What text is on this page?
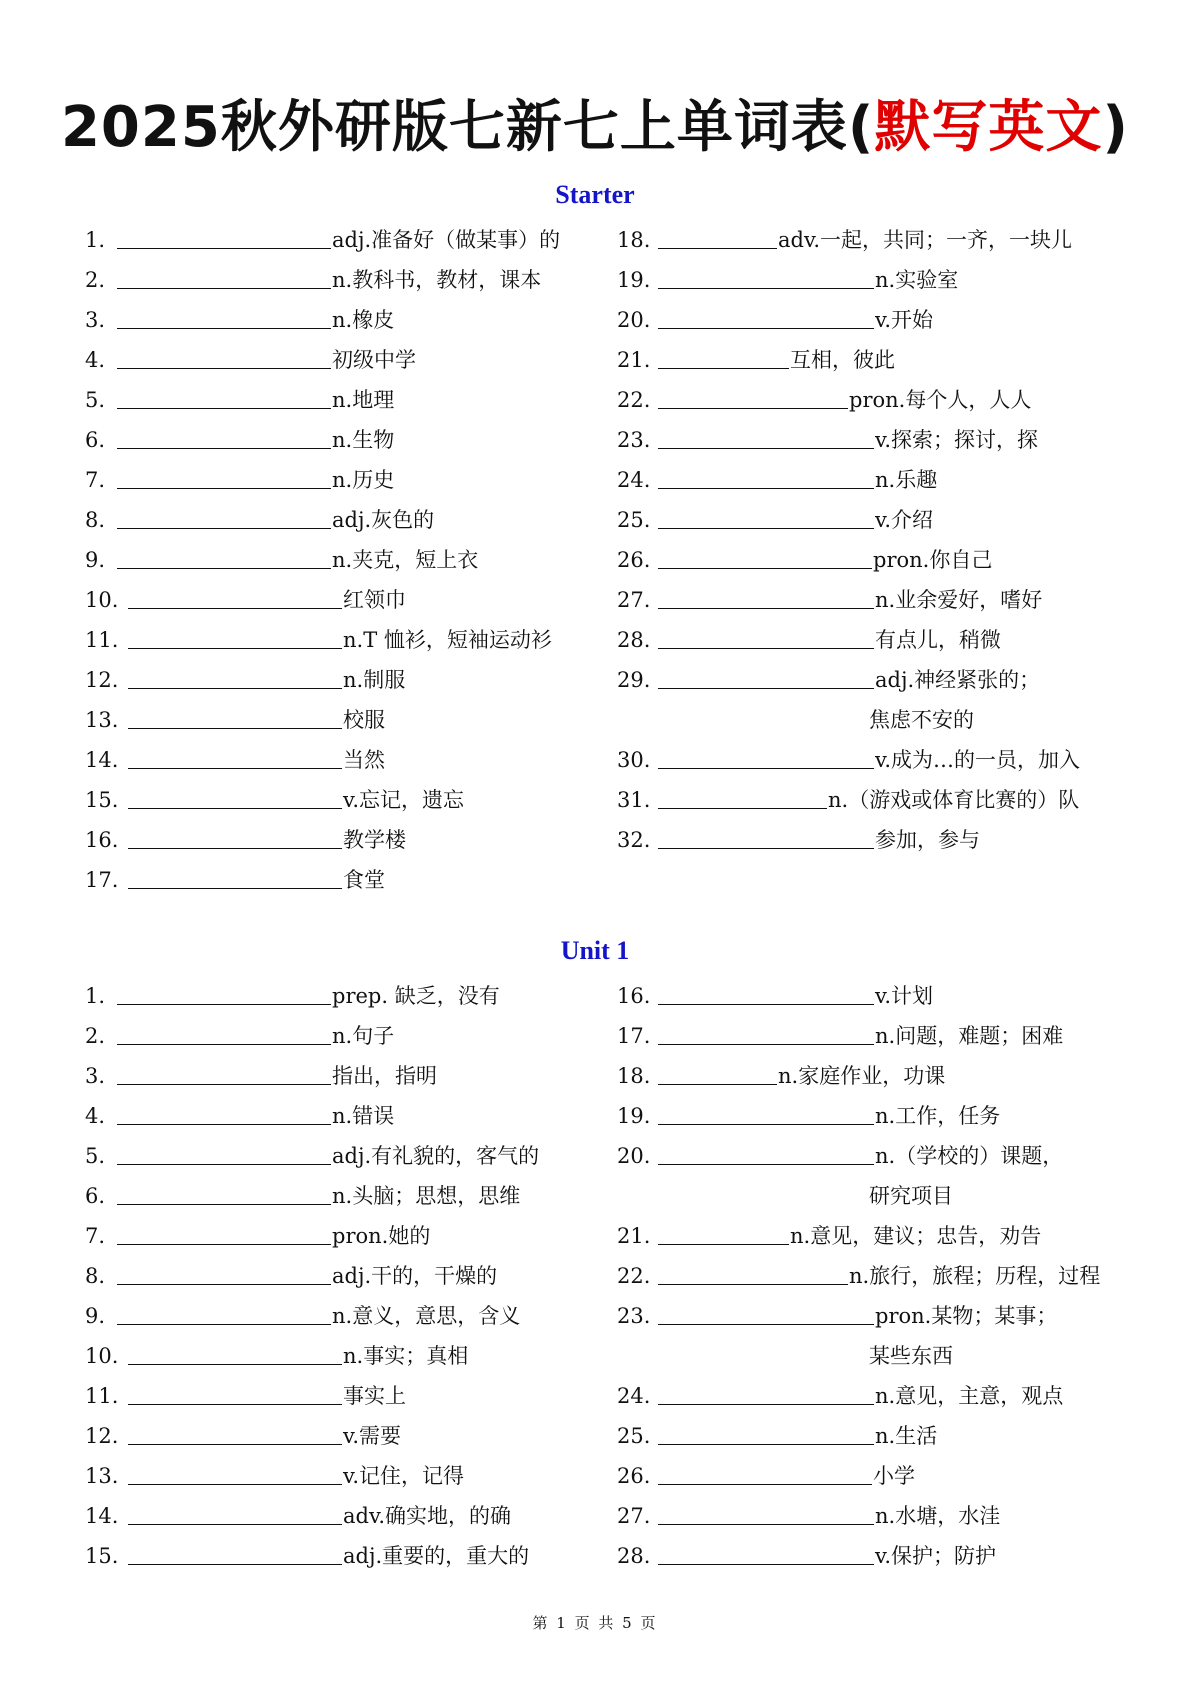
2025秋外研版七新七上单词表(默写英文)
Starter
1.	adj.准备好（做某事）的
2.	n.教科书，教材，课本
3.	n.橡皮
4.	初级中学
5.	n.地理
6.	n.生物
7.	n.历史
8.	adj.灰色的
9.	n.夹克，短上衣
10.	红领巾
11.	n.T 恤衫，短袖运动衫
12.	n.制服
13.	校服
14.	当然
15.	v.忘记，遗忘
16.	教学楼
17.	食堂
18.	adv.一起，共同；一齐，一块儿
19.	n.实验室
20.	v.开始
21.	互相，彼此
22.	pron.每个人，人人
23.	v.探索；探讨，探
24.	n.乐趣
25.	v.介绍
26.	pron.你自己
27.	n.业余爱好，嗜好
28.	有点儿，稍微
29.	adj.神经紧张的；
焦虑不安的
30.	v.成为…的一员，加入
31.	n.（游戏或体育比赛的）队
32.	参加，参与
Unit 1
1.	prep. 缺乏，没有
2.	n.句子
3.	指出，指明
4.	n.错误
5.	adj.有礼貌的，客气的
6.	n.头脑；思想，思维
7.	pron.她的
8.	adj.干的，干燥的
9.	n.意义，意思，含义
10.	n.事实；真相
11.	事实上
12.	v.需要
13.	v.记住，记得
14.	adv.确实地，的确
15.	adj.重要的，重大的
16.	v.计划
17.	n.问题，难题；困难
18.	n.家庭作业，功课
19.	n.工作，任务
20.	n.（学校的）课题，
研究项目
21.	n.意见，建议；忠告，劝告
22.	n.旅行，旅程；历程，过程
23.	pron.某物；某事；
某些东西
24.	n.意见，主意，观点
25.	n.生活
26.	小学
27.	n.水塘，水洼
28.	v.保护；防护
第 1 页 共 5 页
